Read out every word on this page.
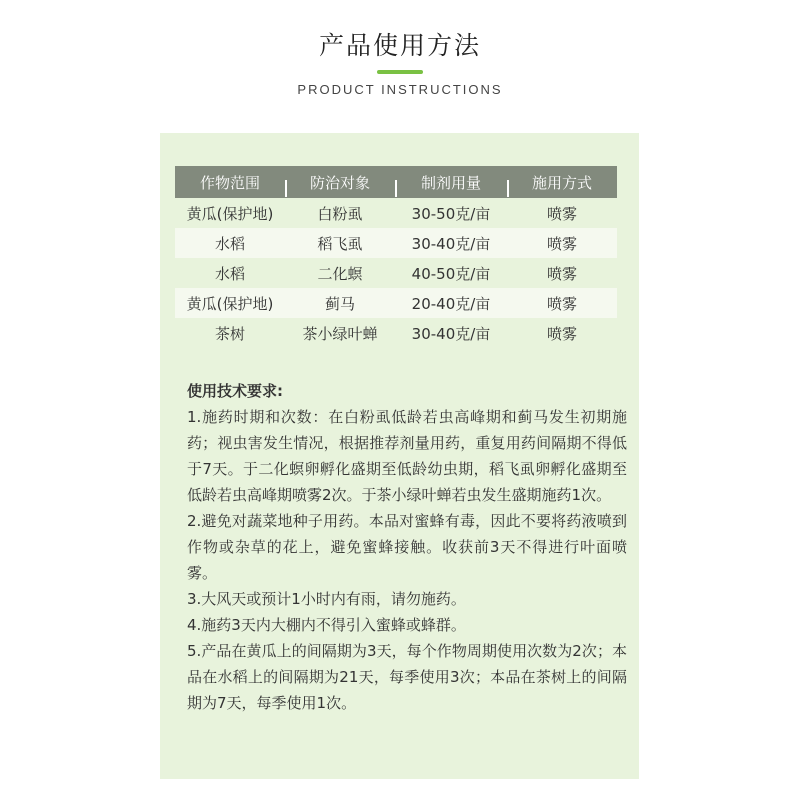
产品使用方法
PRODUCT INSTRUCTIONS
作物范围	防治对象	制剂用量	施用方式
黄瓜(保护地)	白粉虱	30-50克/亩	喷雾
水稻	稻飞虱	30-40克/亩	喷雾
水稻	二化螟	40-50克/亩	喷雾
黄瓜(保护地)	蓟马	20-40克/亩	喷雾
茶树	茶小绿叶蝉	30-40克/亩	喷雾
使用技术要求:

1.施药时期和次数：在白粉虱低龄若虫高峰期和蓟马发生初期施药；视虫害发生情况，根据推荐剂量用药，重复用药间隔期不得低于7天。于二化螟卵孵化盛期至低龄幼虫期，稻飞虱卵孵化盛期至低龄若虫高峰期喷雾2次。于茶小绿叶蝉若虫发生盛期施药1次。

2.避免对蔬菜地种子用药。本品对蜜蜂有毒，因此不要将药液喷到作物或杂草的花上，避免蜜蜂接触。收获前3天不得进行叶面喷雾。

3.大风天或预计1小时内有雨，请勿施药。

4.施药3天内大棚内不得引入蜜蜂或蜂群。

5.产品在黄瓜上的间隔期为3天，每个作物周期使用次数为2次；本品在水稻上的间隔期为21天，每季使用3次；本品在茶树上的间隔期为7天，每季使用1次。
